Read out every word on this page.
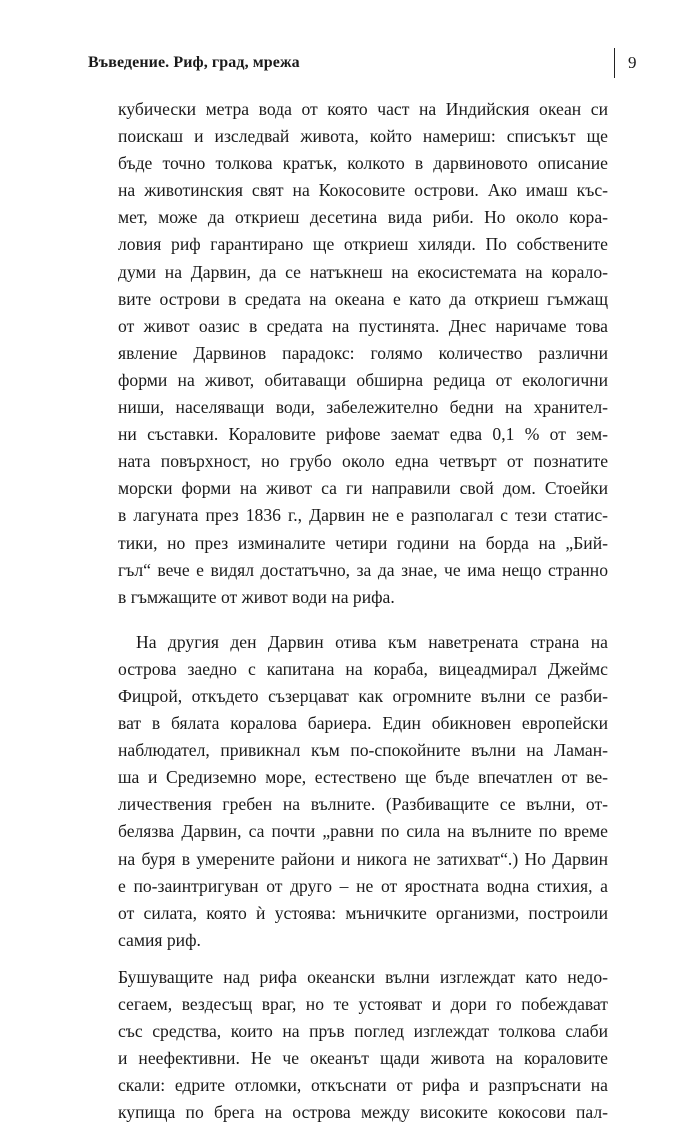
Въведение. Риф, град, мрежа	9
кубически метра вода от която част на Индийския океан си
поискаш и изследвай живота, който намериш: списъкът ще
бъде точно толкова кратък, колкото в дарвиновото описание
на животинския свят на Кокосовите острови. Ако имаш къс-
мет, може да откриеш десетина вида риби. Но около кора-
ловия риф гарантирано ще откриеш хиляди. По собствените
думи на Дарвин, да се натъкнеш на екосистемата на корало-
вите острови в средата на океана е като да откриеш гъмжащ
от живот оазис в средата на пустинята. Днес наричаме това
явление Дарвинов парадокс: голямо количество различни
форми на живот, обитаващи обширна редица от екологични
ниши, населяващи води, забележително бедни на хранител-
ни съставки. Кораловите рифове заемат едва 0,1 % от зем-
ната повърхност, но грубо около една четвърт от познатите
морски форми на живот са ги направили свой дом. Стоейки
в лагуната през 1836 г., Дарвин не е разполагал с тези статис-
тики, но през изминалите четири години на борда на „Бий-
гъл“ вече е видял достатъчно, за да знае, че има нещо странно
в гъмжащите от живот води на рифа.
На другия ден Дарвин отива към наветрената страна на
острова заедно с капитана на кораба, вицеадмирал Джеймс
Фицрой, откъдето съзерцават как огромните вълни се разби-
ват в бялата коралова бариера. Един обикновен европейски
наблюдател, привикнал към по-спокойните вълни на Ламан-
ша и Средиземно море, естествено ще бъде впечатлен от ве-
личествения гребен на вълните. (Разбиващите се вълни, от-
белязва Дарвин, са почти „равни по сила на вълните по време
на буря в умерените райони и никога не затихват“.) Но Дарвин
е по-заинтригуван от друго – не от яростната водна стихия, а
от силата, която ѝ устоява: мъничките организми, построили
самия риф.
Бушуващите над рифа океански вълни изглеждат като недо-
сегаем, вездесъщ враг, но те устояват и дори го побеждават
със средства, които на пръв поглед изглеждат толкова слаби
и неефективни. Не че океанът щади живота на кораловите
скали: едрите отломки, откъснати от рифа и разпръснати на
купища по брега на острова между високите кокосови пал-
